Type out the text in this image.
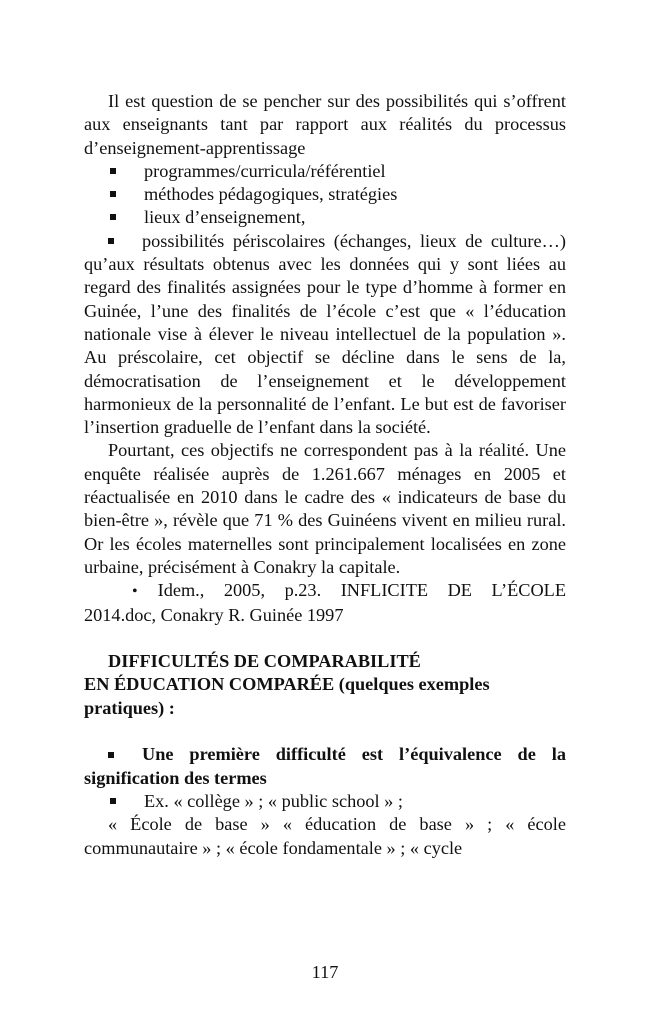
Il est question de se pencher sur des possibilités qui s’offrent aux enseignants tant par rapport aux réalités du processus d’enseignement-apprentissage

programmes/curricula/référentiel

méthodes pédagogiques, stratégies

lieux d’enseignement,

possibilités périscolaires (échanges, lieux de culture…) qu’aux résultats obtenus avec les données qui y sont liées au regard des finalités assignées pour le type d’homme à former en Guinée, l’une des finalités de l’école c’est que « l’éducation nationale vise à élever le niveau intellectuel de la population ». Au préscolaire, cet objectif se décline dans le sens de la, démocratisation de l’enseignement et le développement harmonieux de la personnalité de l’enfant. Le but est de favoriser l’insertion graduelle de l’enfant dans la société.

Pourtant, ces objectifs ne correspondent pas à la réalité. Une enquête réalisée auprès de 1.261.667 ménages en 2005 et réactualisée en 2010 dans le cadre des « indicateurs de base du bien-être », révèle que 71 % des Guinéens vivent en milieu rural. Or les écoles maternelles sont principalement localisées en zone urbaine, précisément à Conakry la capitale.

• Idem., 2005, p.23. INFLICITE DE L’ÉCOLE 2014.doc, Conakry R. Guinée 1997

DIFFICULTÉS DE COMPARABILITÉ
EN ÉDUCATION COMPARÉE (quelques exemples pratiques) :

Une première difficulté est l’équivalence de la signification des termes

Ex. « collège » ; « public school » ;

« École de base » « éducation de base » ; « école communautaire » ; « école fondamentale » ; « cycle

117
